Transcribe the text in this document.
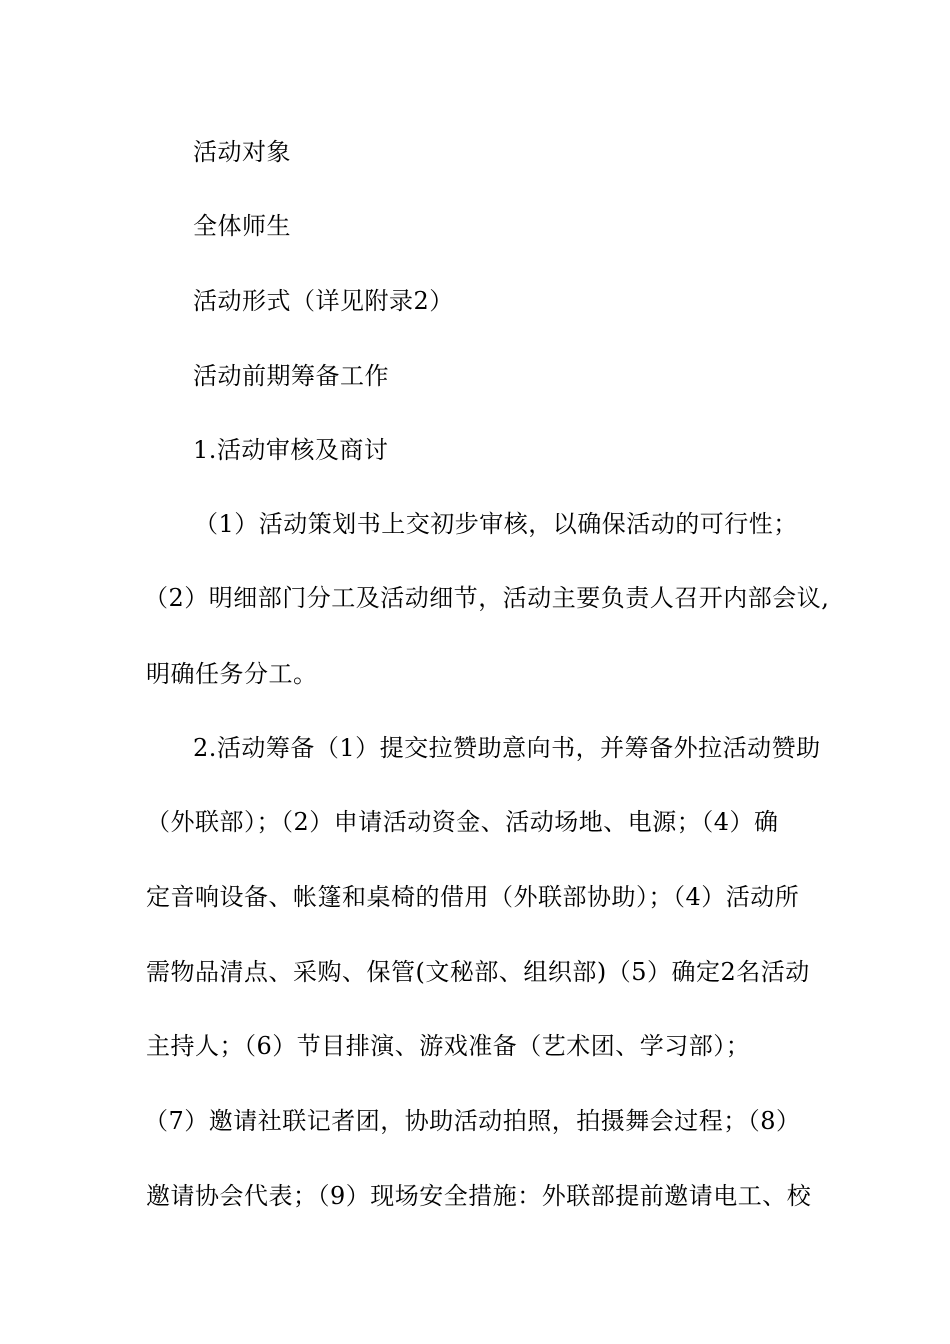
活动对象
全体师生
活动形式（详见附录2）
活动前期筹备工作
1.活动审核及商讨
（1）活动策划书上交初步审核，以确保活动的可行性；
（2）明细部门分工及活动细节，活动主要负责人召开内部会议,
明确任务分工。
2.活动筹备（1）提交拉赞助意向书，并筹备外拉活动赞助
（外联部）；（2）申请活动资金、活动场地、电源；（4）确
定音响设备、帐篷和桌椅的借用（外联部协助）；（4）活动所
需物品清点、采购、保管(文秘部、组织部)（5）确定2名活动
主持人；（6）节目排演、游戏准备（艺术团、学习部）；
（7）邀请社联记者团，协助活动拍照，拍摄舞会过程；（8）
邀请协会代表；（9）现场安全措施：外联部提前邀请电工、校
